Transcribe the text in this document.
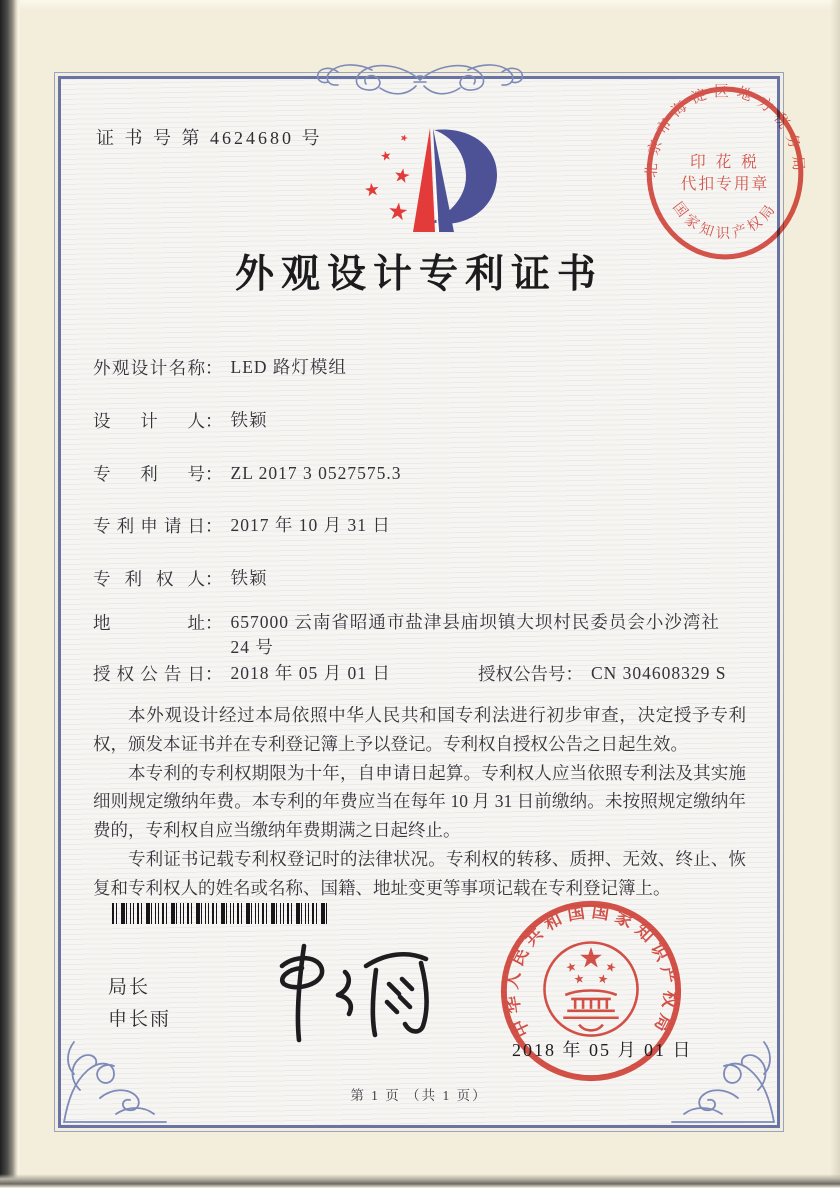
证 书 号 第 4624680 号
外观设计专利证书
外观设计名称 ： LED 路灯模组
设 计 人 ： 铁颖
专 利 号 ： ZL 2017 3 0527575.3
专利申请日 ： 2017 年 10 月 31 日
专 利 权 人 ： 铁颖
地 址 ： 657000 云南省昭通市盐津县庙坝镇大坝村民委员会小沙湾社 24 号
授权公告日 ： 2018 年 05 月 01 日	授权公告号 ： CN 304608329 S

本外观设计经过本局依照中华人民共和国专利法进行初步审查，决定授予专利权，颁发本证书并在专利登记簿上予以登记。专利权自授权公告之日起生效。

本专利的专利权期限为十年，自申请日起算。专利权人应当依照专利法及其实施细则规定缴纳年费。本专利的年费应当在每年 10 月 31 日前缴纳。未按照规定缴纳年费的，专利权自应当缴纳年费期满之日起终止。

专利证书记载专利权登记时的法律状况。专利权的转移、质押、无效、终止、恢复和专利权人的姓名或名称、国籍、地址变更等事项记载在专利登记簿上。

局长
申长雨	中华人民共和国国家知识产权局
2018 年 05 月 01 日
北京市海淀区地方税务局
印 花 税
代扣专用章
国家知识产权局
第 1 页 （共 1 页）
